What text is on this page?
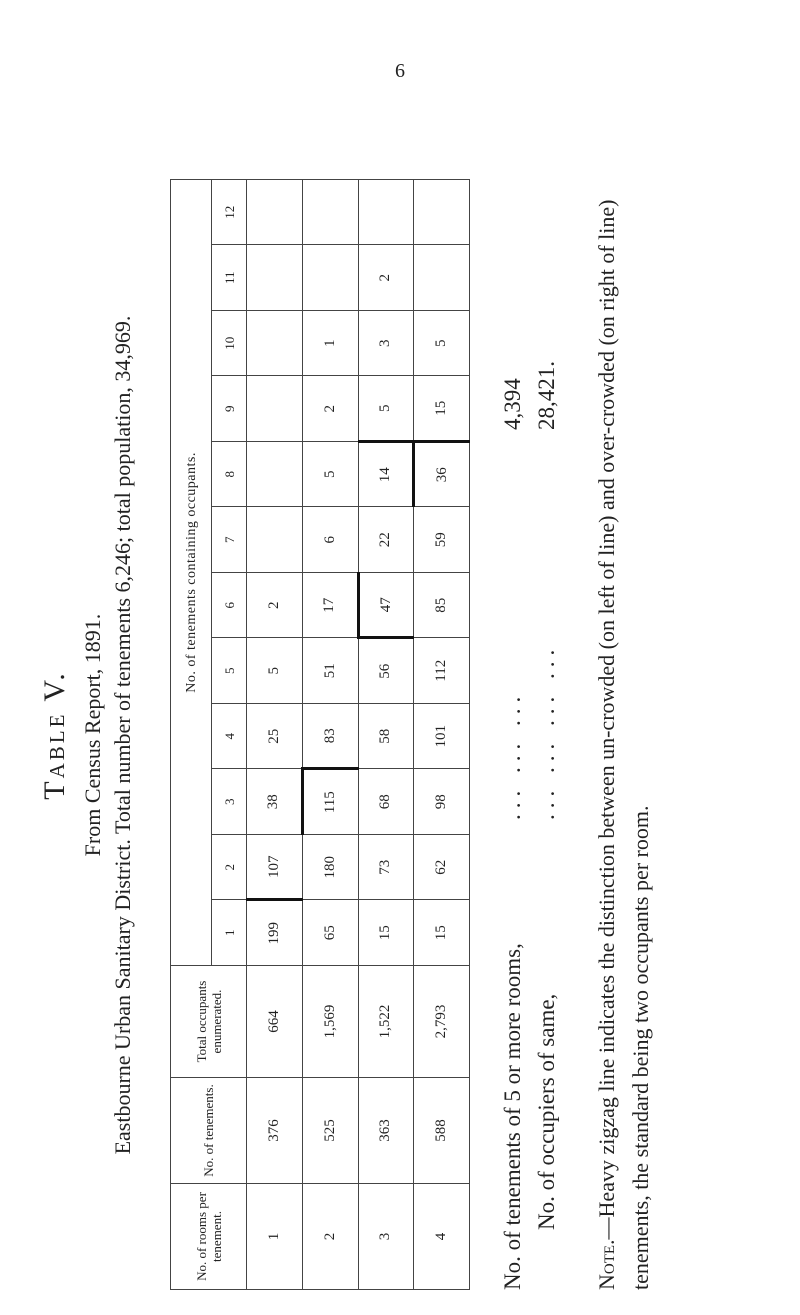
6
Table V. From Census Report, 1891. Eastbourne Urban Sanitary District. Total number of tenements 6,246; total population, 34,969.
No. of rooms per tenement.	No. of tenements.	Total occupants enumerated.	No. of tenements containing occupants.											
			1	2	3	4	5	6	7	8	9	10	11	12
1	376	664	199	107	38	25	5	2						
2	525	1,569	65	180	115	83	51	17	6	5	2	1		
3	363	1,522	15	73	68	58	56	47	22	14	5	3	2	
4	588	2,793	15	62	98	101	112	85	59	36	15	5		
No. of tenements of 5 or more rooms,
... ... ...
4,394
No. of occupiers of same,
... ... ... ...
28,421.
Note.—Heavy zigzag line indicates the distinction between un-crowded (on left of line) and over-crowded (on right of line) tenements, the standard being two occupants per room.
